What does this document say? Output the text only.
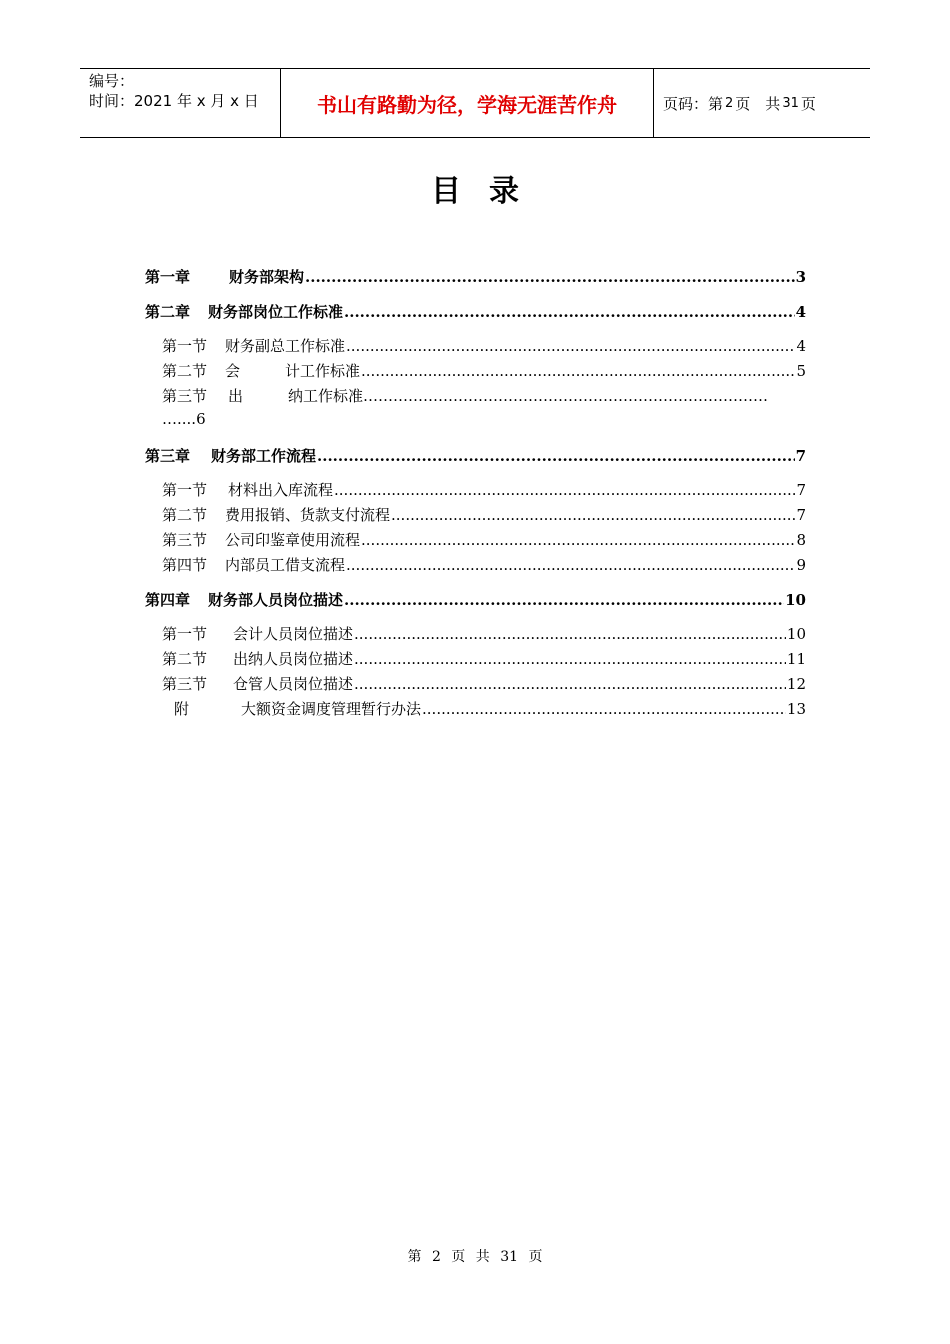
编号：
时间：2021 年 x 月 x 日	书山有路勤为径，学海无涯苦作舟	页码：第 2 页　共 31 页
目录
第一章	财务部架构 .....	3
第二章	财务部岗位工作标准 .....	4
第一节	财务副总工作标准 .....	4
第二节	会　　　计工作标准 .....	5
第三节 出　　　纳工作标准………………………………………………………………………
…....6
第三章	财务部工作流程 .....	7
第一节	材料出入库流程 .....	7
第二节	费用报销、货款支付流程 .....	7
第三节	公司印鉴章使用流程 .....	8
第四节	内部员工借支流程 .....	9
第四章	财务部人员岗位描述 .....	10
第一节	会计人员岗位描述 .....	10
第二节	出纳人员岗位描述 .....	11
第三节	仓管人员岗位描述 .....	12
附	大额资金调度管理暂行办法 .....	13
第 2 页 共 31 页
